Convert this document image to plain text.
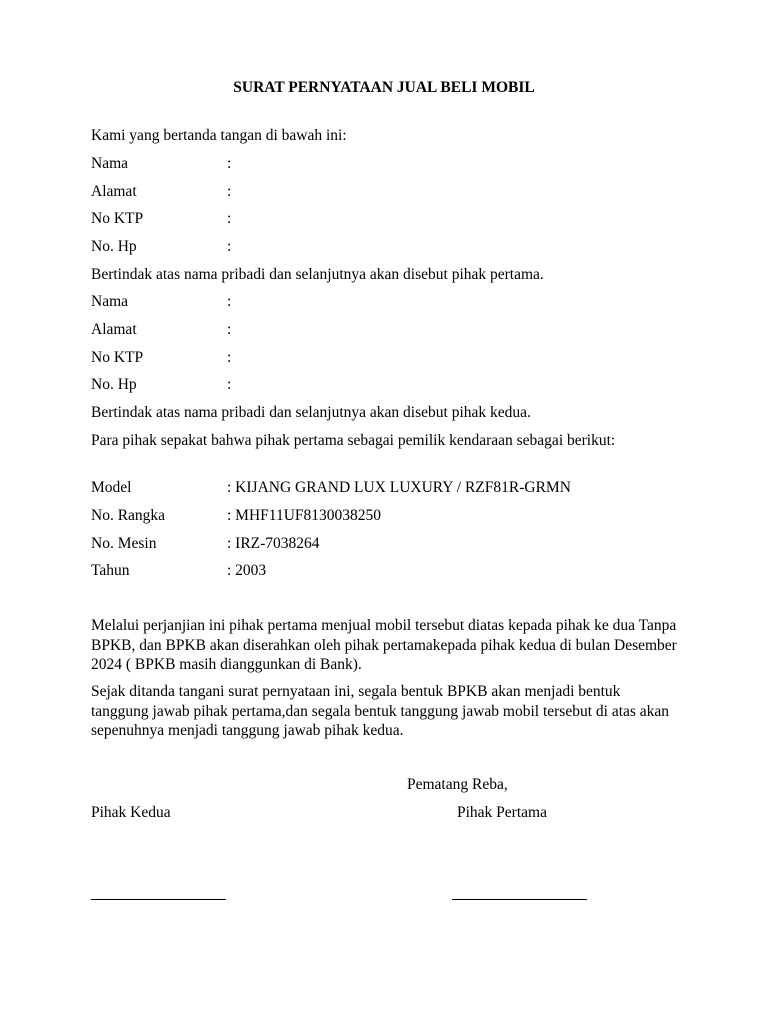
SURAT PERNYATAAN JUAL BELI MOBIL
Kami yang bertanda tangan di bawah ini:
Nama	:
Alamat	:
No KTP	:
No. Hp	:
Bertindak atas nama pribadi dan selanjutnya akan disebut pihak pertama.
Nama	:
Alamat	:
No KTP	:
No. Hp	:
Bertindak atas nama pribadi dan selanjutnya akan disebut pihak kedua.
Para pihak sepakat bahwa pihak pertama sebagai pemilik kendaraan sebagai berikut:
Model	: KIJANG GRAND LUX LUXURY / RZF81R-GRMN
No. Rangka	: MHF11UF8130038250
No. Mesin	: IRZ-7038264
Tahun	: 2003
Melalui perjanjian ini pihak pertama menjual mobil tersebut diatas kepada pihak ke dua Tanpa BPKB, dan BPKB akan diserahkan oleh pihak pertamakepada pihak kedua di bulan Desember 2024 ( BPKB masih dianggunkan di Bank).
Sejak ditanda tangani surat pernyataan ini, segala bentuk BPKB akan menjadi bentuk tanggung jawab pihak pertama,dan segala bentuk tanggung jawab mobil tersebut di atas akan sepenuhnya menjadi tanggung jawab pihak kedua.
Pematang Reba,
Pihak Kedua	Pihak Pertama
